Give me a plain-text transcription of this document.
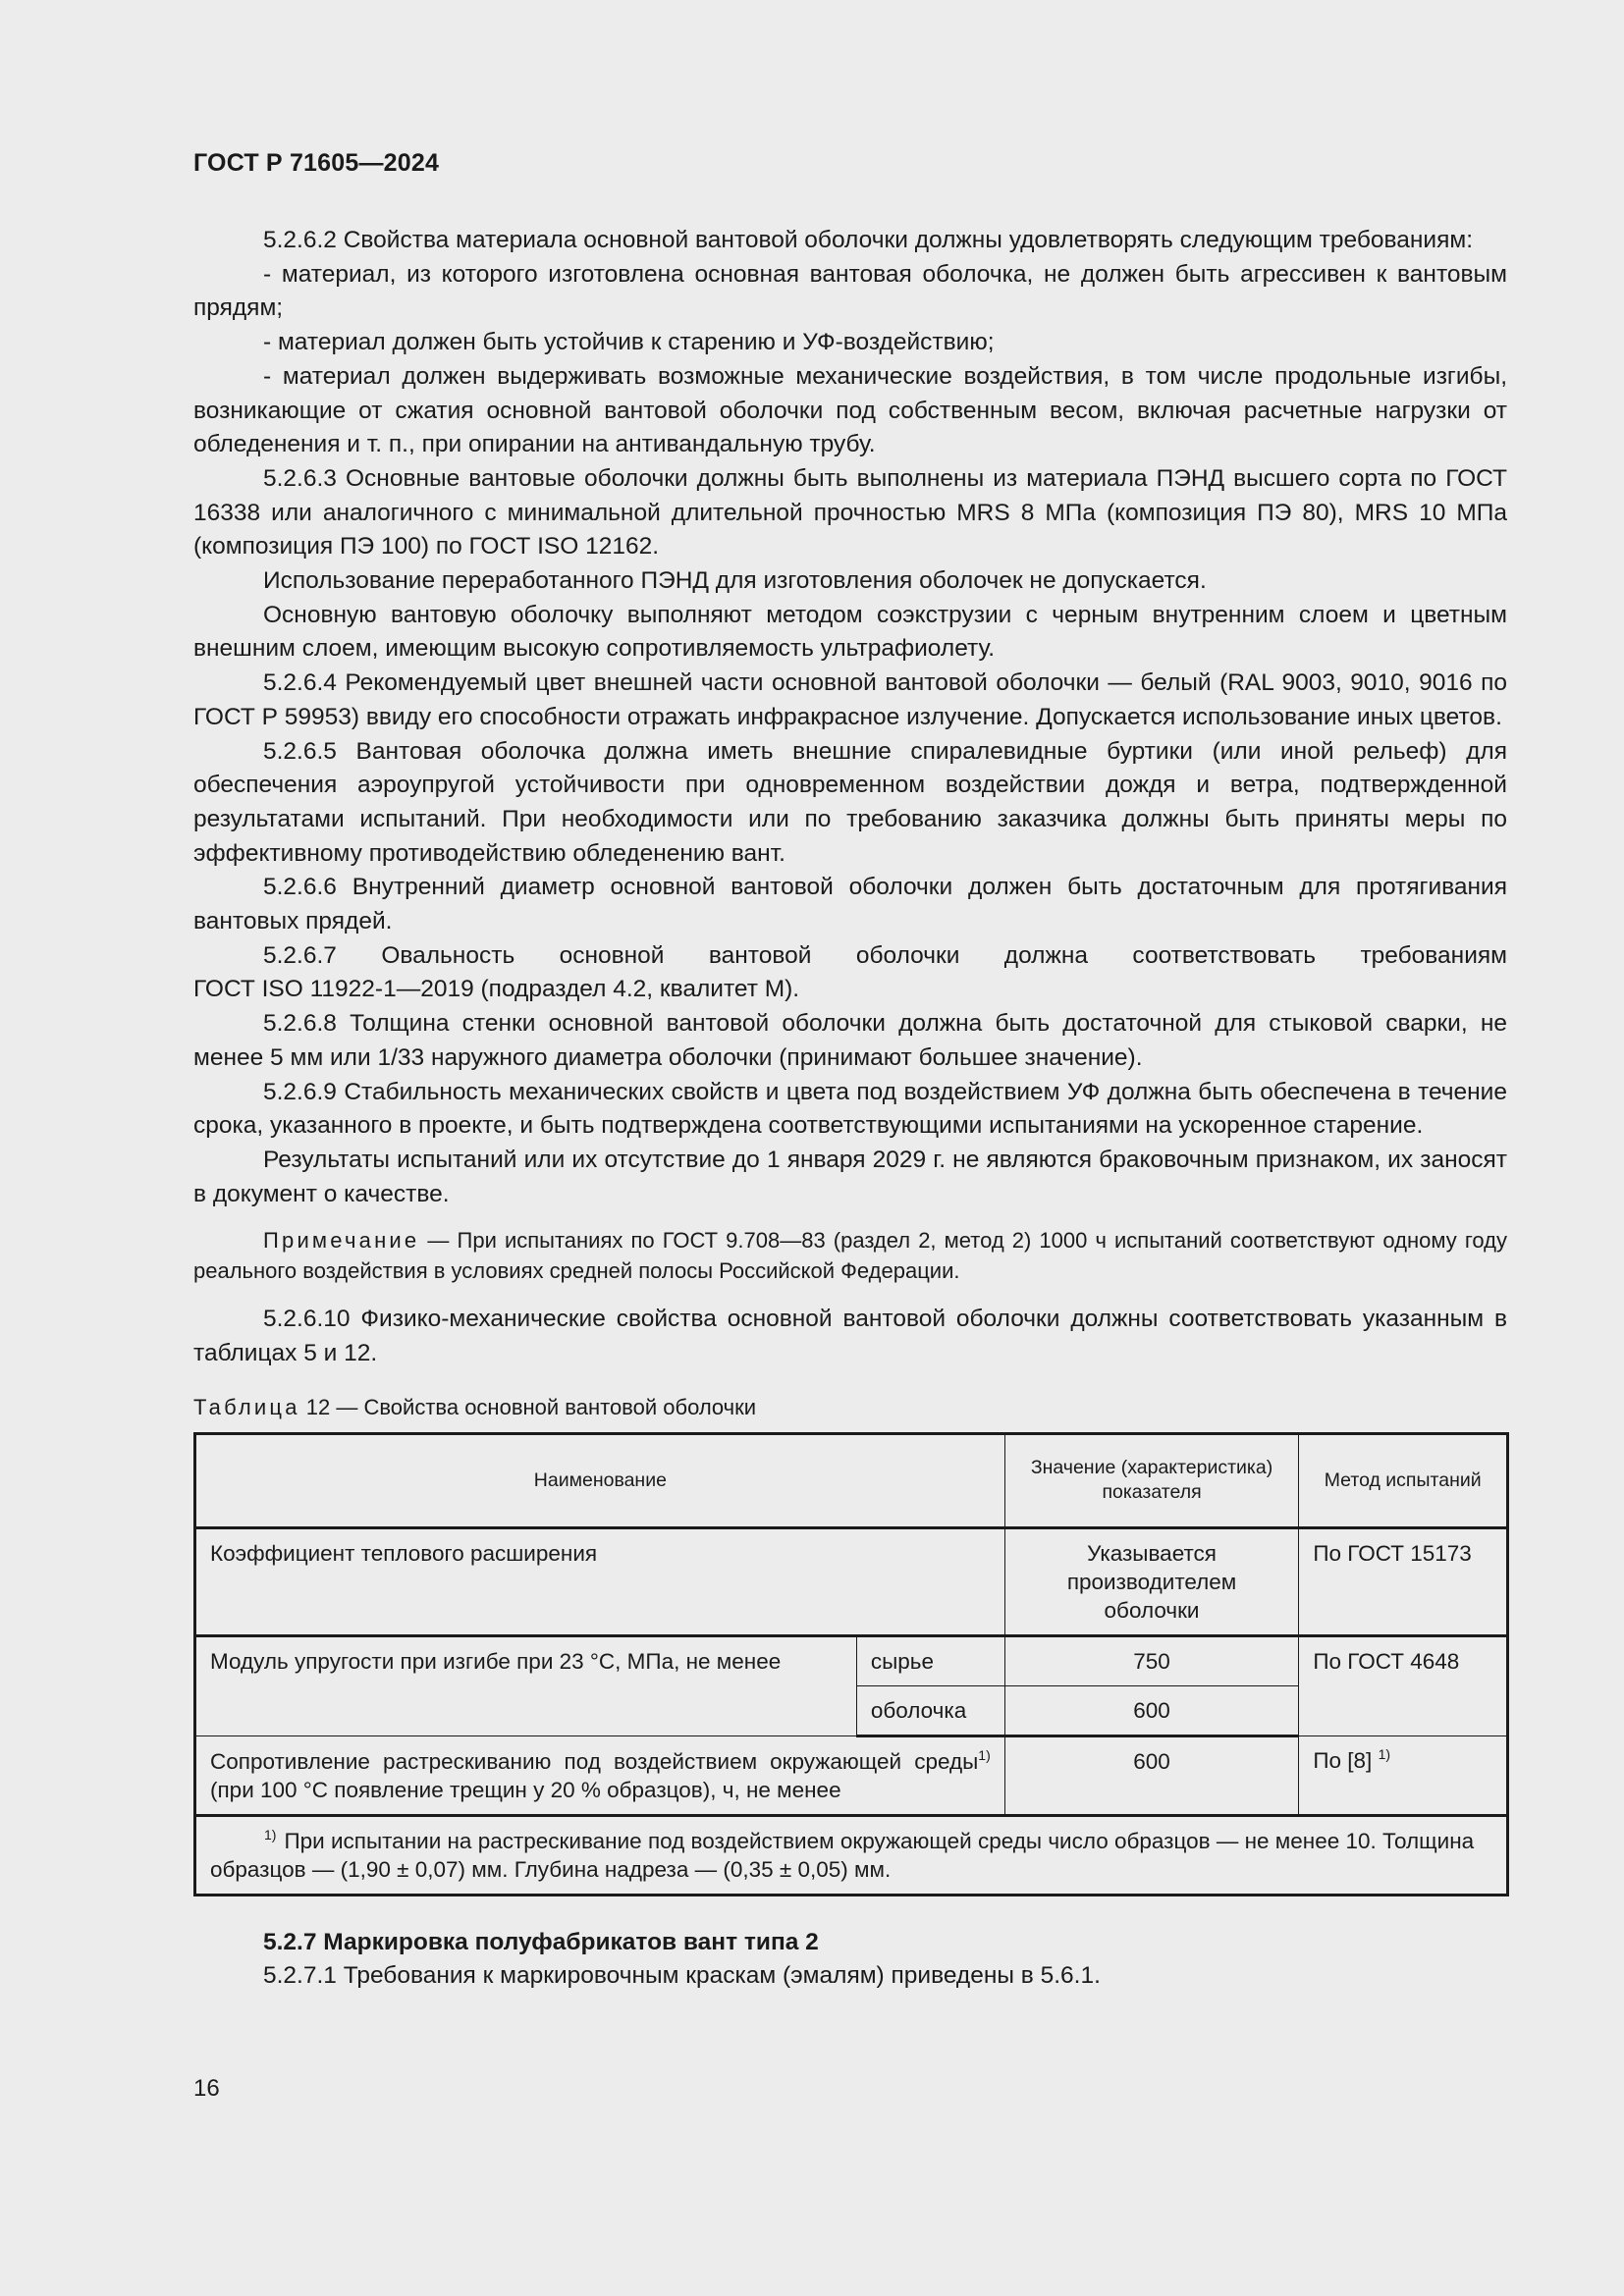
ГОСТ Р 71605—2024

5.2.6.2 Свойства материала основной вантовой оболочки должны удовлетворять следующим требованиям:

- материал, из которого изготовлена основная вантовая оболочка, не должен быть агрессивен к вантовым прядям;

- материал должен быть устойчив к старению и УФ-воздействию;

- материал должен выдерживать возможные механические воздействия, в том числе продольные изгибы, возникающие от сжатия основной вантовой оболочки под собственным весом, включая расчетные нагрузки от обледенения и т. п., при опирании на антивандальную трубу.

5.2.6.3 Основные вантовые оболочки должны быть выполнены из материала ПЭНД высшего сорта по ГОСТ 16338 или аналогичного с минимальной длительной прочностью MRS 8 МПа (композиция ПЭ 80), MRS 10 МПа (композиция ПЭ 100) по ГОСТ ISO 12162.

Использование переработанного ПЭНД для изготовления оболочек не допускается.

Основную вантовую оболочку выполняют методом соэкструзии с черным внутренним слоем и цветным внешним слоем, имеющим высокую сопротивляемость ультрафиолету.

5.2.6.4 Рекомендуемый цвет внешней части основной вантовой оболочки — белый (RAL 9003, 9010, 9016 по ГОСТ Р 59953) ввиду его способности отражать инфракрасное излучение. Допускается использование иных цветов.

5.2.6.5 Вантовая оболочка должна иметь внешние спиралевидные буртики (или иной рельеф) для обеспечения аэроупругой устойчивости при одновременном воздействии дождя и ветра, подтвержденной результатами испытаний. При необходимости или по требованию заказчика должны быть приняты меры по эффективному противодействию обледенению вант.

5.2.6.6 Внутренний диаметр основной вантовой оболочки должен быть достаточным для протягивания вантовых прядей.

5.2.6.7 Овальность основной вантовой оболочки должна соответствовать требованиям

ГОСТ ISO 11922-1—2019 (подраздел 4.2, квалитет М).

5.2.6.8 Толщина стенки основной вантовой оболочки должна быть достаточной для стыковой сварки, не менее 5 мм или 1/33 наружного диаметра оболочки (принимают большее значение).

5.2.6.9 Стабильность механических свойств и цвета под воздействием УФ должна быть обеспечена в течение срока, указанного в проекте, и быть подтверждена соответствующими испытаниями на ускоренное старение.

Результаты испытаний или их отсутствие до 1 января 2029 г. не являются браковочным признаком, их заносят в документ о качестве.

Примечание — При испытаниях по ГОСТ 9.708—83 (раздел 2, метод 2) 1000 ч испытаний соответствуют одному году реального воздействия в условиях средней полосы Российской Федерации.

5.2.6.10 Физико-механические свойства основной вантовой оболочки должны соответствовать указанным в таблицах 5 и 12.

Таблица 12 — Свойства основной вантовой оболочки
Наименование		Значение (характеристика) показателя	Метод испытаний
Коэффициент теплового расширения		Указывается производителем оболочки	По ГОСТ 15173
Модуль упругости при изгибе при 23 °С, МПа, не менее	сырье	750	По ГОСТ 4648
	оболочка	600	
Сопротивление растрескиванию под воздействием окружающей среды$^{1)}$ (при 100 °С появление трещин у 20 % образцов), ч, не менее		600	По [8] $^{1)}$
$^{1)}$ При испытании на растрескивание под воздействием окружающей среды число образцов — не менее 10. Толщина образцов — (1,90 ± 0,07) мм. Глубина надреза — (0,35 ± 0,05) мм.			

5.2.7 Маркировка полуфабрикатов вант типа 2

5.2.7.1 Требования к маркировочным краскам (эмалям) приведены в 5.6.1.

16
